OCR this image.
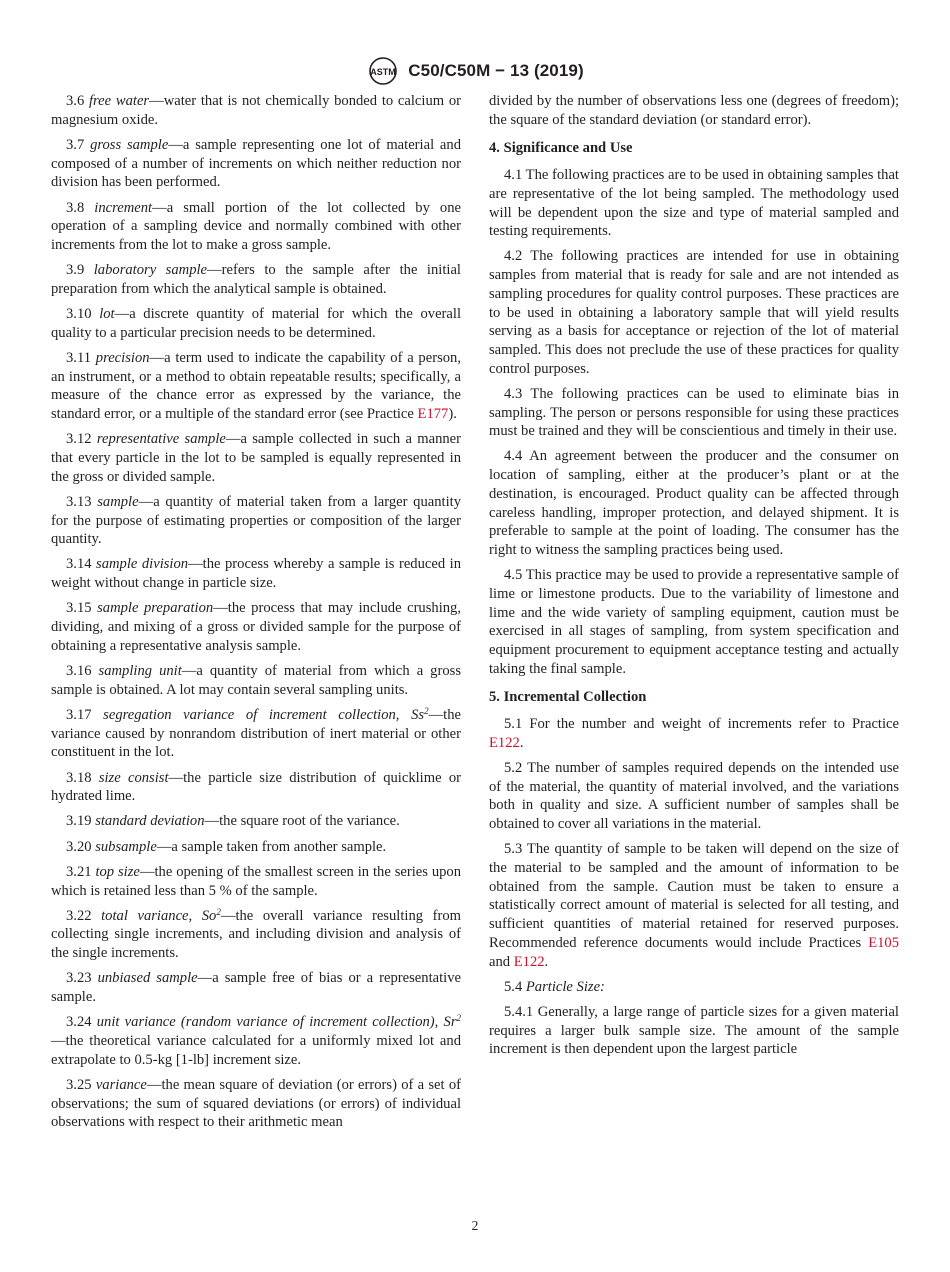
ASTM C50/C50M − 13 (2019)

3.6 free water—water that is not chemically bonded to calcium or magnesium oxide.

3.7 gross sample—a sample representing one lot of material and composed of a number of increments on which neither reduction nor division has been performed.

3.8 increment—a small portion of the lot collected by one operation of a sampling device and normally combined with other increments from the lot to make a gross sample.

3.9 laboratory sample—refers to the sample after the initial preparation from which the analytical sample is obtained.

3.10 lot—a discrete quantity of material for which the overall quality to a particular precision needs to be determined.

3.11 precision—a term used to indicate the capability of a person, an instrument, or a method to obtain repeatable results; specifically, a measure of the chance error as expressed by the variance, the standard error, or a multiple of the standard error (see Practice E177).

3.12 representative sample—a sample collected in such a manner that every particle in the lot to be sampled is equally represented in the gross or divided sample.

3.13 sample—a quantity of material taken from a larger quantity for the purpose of estimating properties or composition of the larger quantity.

3.14 sample division—the process whereby a sample is reduced in weight without change in particle size.

3.15 sample preparation—the process that may include crushing, dividing, and mixing of a gross or divided sample for the purpose of obtaining a representative analysis sample.

3.16 sampling unit—a quantity of material from which a gross sample is obtained. A lot may contain several sampling units.

3.17 segregation variance of increment collection, Ss$^2$—the variance caused by nonrandom distribution of inert material or other constituent in the lot.

3.18 size consist—the particle size distribution of quicklime or hydrated lime.

3.19 standard deviation—the square root of the variance.

3.20 subsample—a sample taken from another sample.

3.21 top size—the opening of the smallest screen in the series upon which is retained less than 5 % of the sample.

3.22 total variance, So$^2$—the overall variance resulting from collecting single increments, and including division and analysis of the single increments.

3.23 unbiased sample—a sample free of bias or a representative sample.

3.24 unit variance (random variance of increment collection), Sr$^2$—the theoretical variance calculated for a uniformly mixed lot and extrapolate to 0.5-kg [1-lb] increment size.

3.25 variance—the mean square of deviation (or errors) of a set of observations; the sum of squared deviations (or errors) of individual observations with respect to their arithmetic mean

divided by the number of observations less one (degrees of freedom); the square of the standard deviation (or standard error).

4. Significance and Use

4.1 The following practices are to be used in obtaining samples that are representative of the lot being sampled. The methodology used will be dependent upon the size and type of material sampled and testing requirements.

4.2 The following practices are intended for use in obtaining samples from material that is ready for sale and are not intended as sampling procedures for quality control purposes. These practices are to be used in obtaining a laboratory sample that will yield results serving as a basis for acceptance or rejection of the lot of material sampled. This does not preclude the use of these practices for quality control purposes.

4.3 The following practices can be used to eliminate bias in sampling. The person or persons responsible for using these practices must be trained and they will be conscientious and timely in their use.

4.4 An agreement between the producer and the consumer on location of sampling, either at the producer’s plant or at the destination, is encouraged. Product quality can be affected through careless handling, improper protection, and delayed shipment. It is preferable to sample at the point of loading. The consumer has the right to witness the sampling practices being used.

4.5 This practice may be used to provide a representative sample of lime or limestone products. Due to the variability of limestone and lime and the wide variety of sampling equipment, caution must be exercised in all stages of sampling, from system specification and equipment procurement to equipment acceptance testing and actually taking the final sample.

5. Incremental Collection

5.1 For the number and weight of increments refer to Practice E122.

5.2 The number of samples required depends on the intended use of the material, the quantity of material involved, and the variations both in quality and size. A sufficient number of samples shall be obtained to cover all variations in the material.

5.3 The quantity of sample to be taken will depend on the size of the material to be sampled and the amount of information to be obtained from the sample. Caution must be taken to ensure a statistically correct amount of material is selected for all testing, and sufficient quantities of material retained for reserved purposes. Recommended reference documents would include Practices E105 and E122.

5.4 Particle Size:

5.4.1 Generally, a large range of particle sizes for a given material requires a larger bulk sample size. The amount of the sample increment is then dependent upon the largest particle

2
